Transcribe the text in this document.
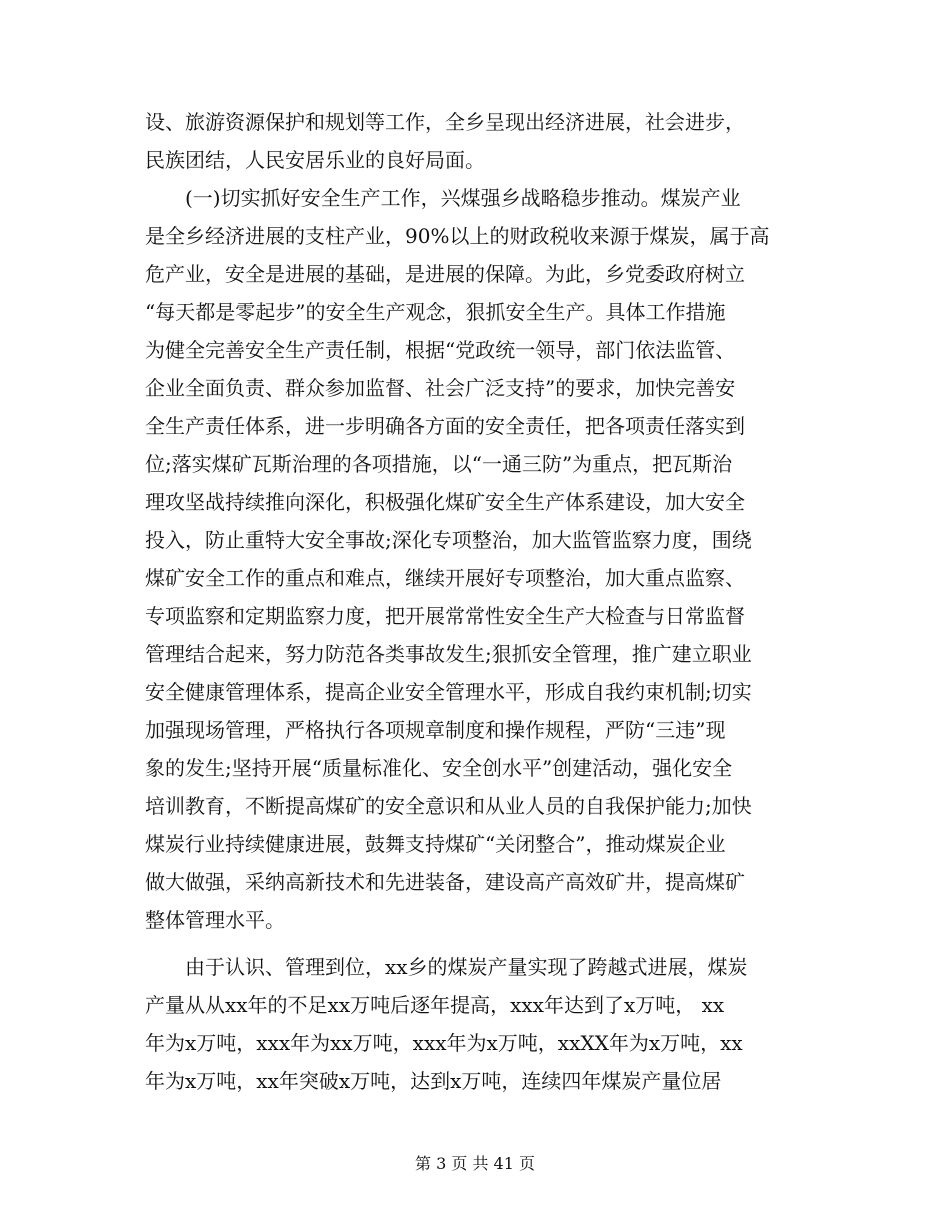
设、旅游资源保护和规划等工作，全乡呈现出经济进展，社会进步，
民族团结，人民安居乐业的良好局面。
(一)切实抓好安全生产工作，兴煤强乡战略稳步推动。煤炭产业
是全乡经济进展的支柱产业，90%以上的财政税收来源于煤炭，属于高
危产业，安全是进展的基础，是进展的保障。为此，乡党委政府树立
“每天都是零起步”的安全生产观念，狠抓安全生产。具体工作措施
为健全完善安全生产责任制，根据“党政统一领导，部门依法监管、
企业全面负责、群众参加监督、社会广泛支持”的要求，加快完善安
全生产责任体系，进一步明确各方面的安全责任，把各项责任落实到
位;落实煤矿瓦斯治理的各项措施，以“一通三防”为重点，把瓦斯治
理攻坚战持续推向深化，积极强化煤矿安全生产体系建设，加大安全
投入，防止重特大安全事故;深化专项整治，加大监管监察力度，围绕
煤矿安全工作的重点和难点，继续开展好专项整治，加大重点监察、
专项监察和定期监察力度，把开展常常性安全生产大检查与日常监督
管理结合起来，努力防范各类事故发生;狠抓安全管理，推广建立职业
安全健康管理体系，提高企业安全管理水平，形成自我约束机制;切实
加强现场管理，严格执行各项规章制度和操作规程，严防“三违”现
象的发生;坚持开展“质量标准化、安全创水平”创建活动，强化安全
培训教育，不断提高煤矿的安全意识和从业人员的自我保护能力;加快
煤炭行业持续健康进展，鼓舞支持煤矿“关闭整合”，推动煤炭企业
做大做强，采纳高新技术和先进装备，建设高产高效矿井，提高煤矿
整体管理水平。
由于认识、管理到位，xx乡的煤炭产量实现了跨越式进展，煤炭
产量从从xx年的不足xx万吨后逐年提高，xxx年达到了x万吨， xx
年为x万吨，xxx年为xx万吨，xxx年为x万吨，xxXX年为x万吨，xx
年为x万吨，xx年突破x万吨，达到x万吨，连续四年煤炭产量位居
第 3 页 共 41 页
